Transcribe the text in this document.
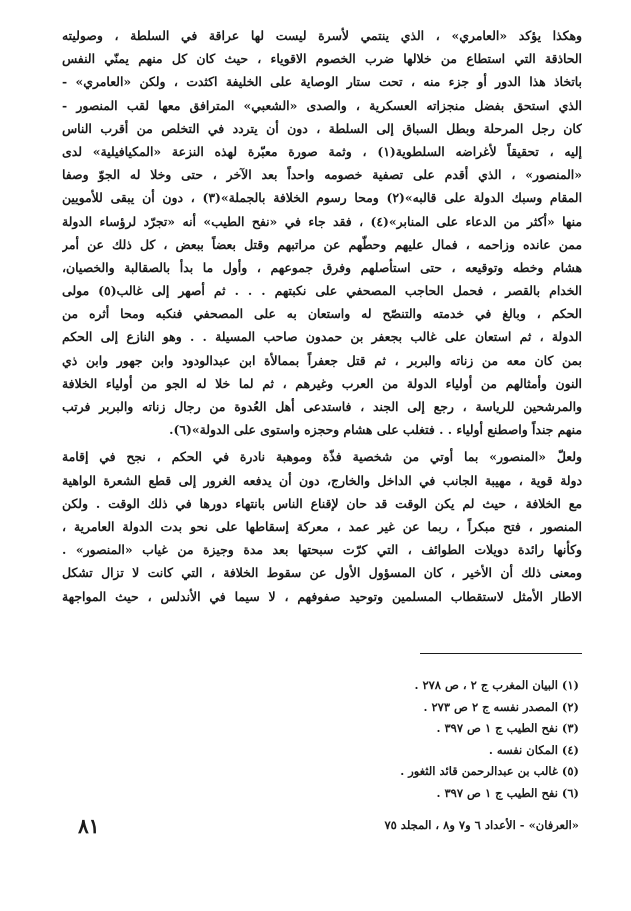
وهكذا يؤكد «العامري» ، الذي ينتمي لأسرة ليست لها عراقة في السلطة ، وصوليته
الحاذقة التي استطاع من خلالها ضرب الخصوم الاقوياء ، حيث كان كل منهم يمنّي النفس
باتخاذ هذا الدور أو جزء منه ، تحت ستار الوصاية على الخليفة اكثدت ، ولكن «العامري» -
الذي استحق بفضل منجزاته العسكرية ، والصدى «الشعبي» المترافق معها لقب المنصور -
كان رجل المرحلة وبطل السباق إلى السلطة ، دون أن يتردد في التخلص من أقرب الناس
إليه ، تحقيقاً لأغراضه السلطوية(١) ، وثمة صورة معبّرة لهذه النزعة «المكيافيلية» لدى
«المنصور» ، الذي أقدم على تصفية خصومه واحداً بعد الآخر ، حتى وخلا له الجوّ وصفا
المقام وسبك الدولة على قالبه»(٢) ومحا رسوم الخلافة بالجملة»(٣) ، دون أن يبقى للأمويين
منها «أكثر من الدعاء على المنابر»(٤) ، فقد جاء في «نفح الطيب» أنه «تجرّد لرؤساء الدولة
ممن عانده وزاحمه ، فمال عليهم وحطّهم عن مراتبهم وقتل بعضاً ببعض ، كل ذلك عن أمر
هشام وخطه وتوقيعه ، حتى استأصلهم وفرق جموعهم ، وأول ما بدأ بالصقالبة والخصيان،
الخدام بالقصر ، فحمل الحاجب المصحفي على نكبتهم . . . ثم أصهر إلى غالب(٥) مولى
الحكم ، وبالغ في خدمته والتنصّح له واستعان به على المصحفي فنكبه ومحا أثره من
الدولة ، ثم استعان على غالب بجعفر بن حمدون صاحب المسيلة . . وهو النازع إلى الحكم
بمن كان معه من زناته والبربر ، ثم قتل جعفراً بممالأة ابن عبدالودود وابن جهور وابن ذي
النون وأمثالهم من أولياء الدولة من العرب وغيرهم ، ثم لما خلا له الجو من أولياء الخلافة
والمرشحين للرياسة ، رجع إلى الجند ، فاستدعى أهل العُدوة من رجال زناته والبربر فرتب
منهم جنداً واصطنع أولياء . . فتغلب على هشام وحجزه واستوى على الدولة»(٦).
ولعلّ «المنصور» بما أوتي من شخصية فذّة وموهبة نادرة في الحكم ، نجح في إقامة
دولة قوية ، مهيبة الجانب في الداخل والخارج، دون أن يدفعه الغرور إلى قطع الشعرة الواهية
مع الخلافة ، حيث لم يكن الوقت قد حان لإقناع الناس بانتهاء دورها في ذلك الوقت . ولكن
المنصور ، فتح مبكراً ، ربما عن غير عمد ، معركة إسقاطها على نحو بدت الدولة العامرية ،
وكأنها رائدة دويلات الطوائف ، التي كرّت سبحتها بعد مدة وجيزة من غياب «المنصور» .
ومعنى ذلك أن الأخير ، كان المسؤول الأول عن سقوط الخلافة ، التي كانت لا تزال تشكل
الاطار الأمثل لاستقطاب المسلمين وتوحيد صفوفهم ، لا سيما في الأندلس ، حيث المواجهة
(١) البيان المغرب ج ٢ ، ص ٢٧٨ .
(٢) المصدر نفسه ج ٢ ص ٢٧٣ .
(٣) نفح الطيب ج ١ ص ٣٩٧ .
(٤) المكان نفسه .
(٥) غالب بن عبدالرحمن قائد الثغور .
(٦) نفح الطيب ج ١ ص ٣٩٧ .
٨١	«العرفان» - الأعداد ٦ و٧ و٨ ، المجلد ٧٥
